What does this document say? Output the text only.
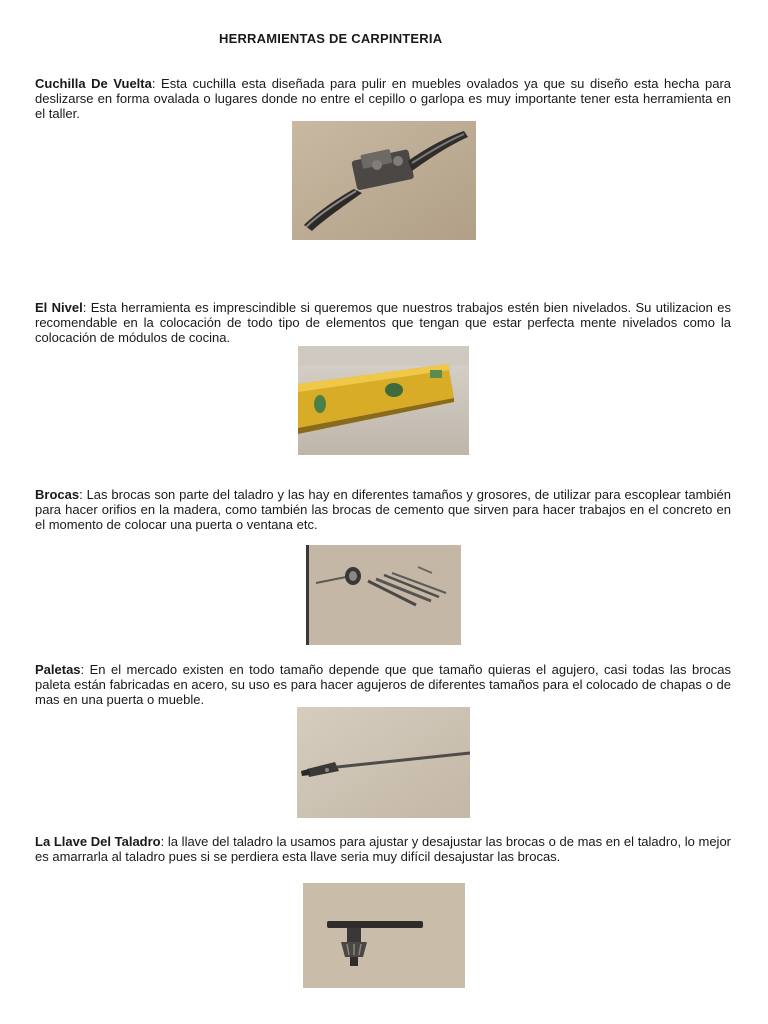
HERRAMIENTAS DE CARPINTERIA

Cuchilla De Vuelta: Esta cuchilla esta diseñada para pulir en muebles ovalados ya que su diseño esta hecha para deslizarse en forma ovalada o lugares donde no entre el cepillo o garlopa es muy importante tener esta herramienta en el taller.

El Nivel: Esta herramienta es imprescindible si queremos que nuestros trabajos estén bien nivelados. Su utilizacion es recomendable en la colocación de todo tipo de elementos que tengan que estar perfecta mente nivelados como la colocación de módulos de cocina.

Brocas: Las brocas son parte del taladro y las hay en diferentes tamaños y grosores, de utilizar para escoplear también para hacer orifios en la madera, como también las brocas de cemento que sirven para hacer trabajos en el concreto en el momento de colocar una puerta o ventana etc.

Paletas: En el mercado existen en todo tamaño depende que que tamaño quieras el agujero, casi todas las brocas paleta están fabricadas en acero, su uso es para hacer agujeros de diferentes tamaños para el colocado de chapas o de mas en una puerta o mueble.

La Llave Del Taladro: la llave del taladro la usamos para ajustar y desajustar las brocas o de mas en el taladro, lo mejor es amarrarla al taladro pues si se perdiera esta llave seria muy difícil desajustar las brocas.
